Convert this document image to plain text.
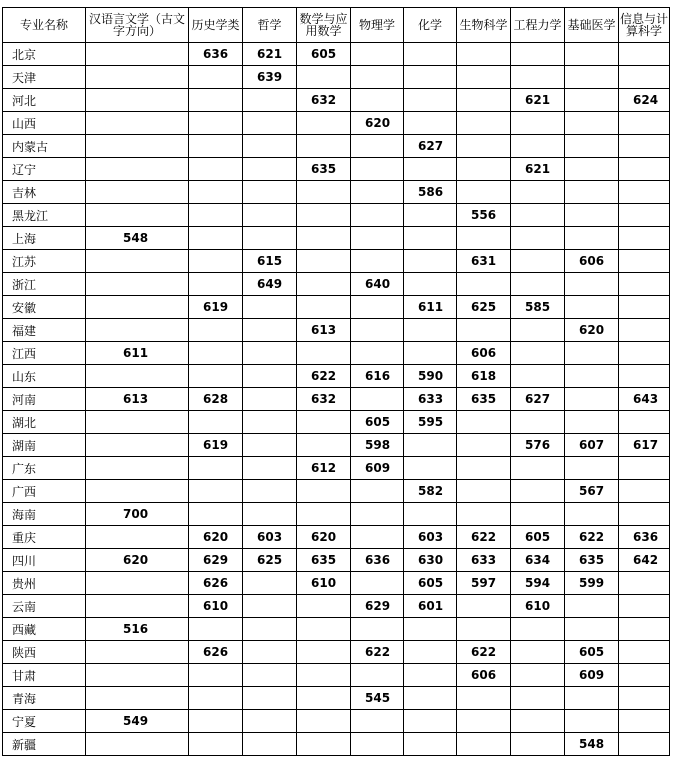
专业名称	汉语言文学（古文字方向）	历史学类	哲学	数学与应用数学	物理学	化学	生物科学	工程力学	基础医学	信息与计算科学

北京		636	621	605						
天津			639							
河北				632				621		624
山西					620					
内蒙古						627				
辽宁				635				621		
吉林						586				
黑龙江							556			
上海	548									
江苏			615				631		606	
浙江			649		640					
安徽		619				611	625	585		
福建				613					620	
江西	611						606			
山东				622	616	590	618			
河南	613	628		632		633	635	627		643
湖北					605	595				
湖南		619			598			576	607	617
广东				612	609					
广西						582			567	
海南	700									
重庆		620	603	620		603	622	605	622	636
四川	620	629	625	635	636	630	633	634	635	642
贵州		626		610		605	597	594	599	
云南		610			629	601		610		
西藏	516									
陕西		626			622		622		605	
甘肃							606		609	
青海					545					
宁夏	549									
新疆									548	
